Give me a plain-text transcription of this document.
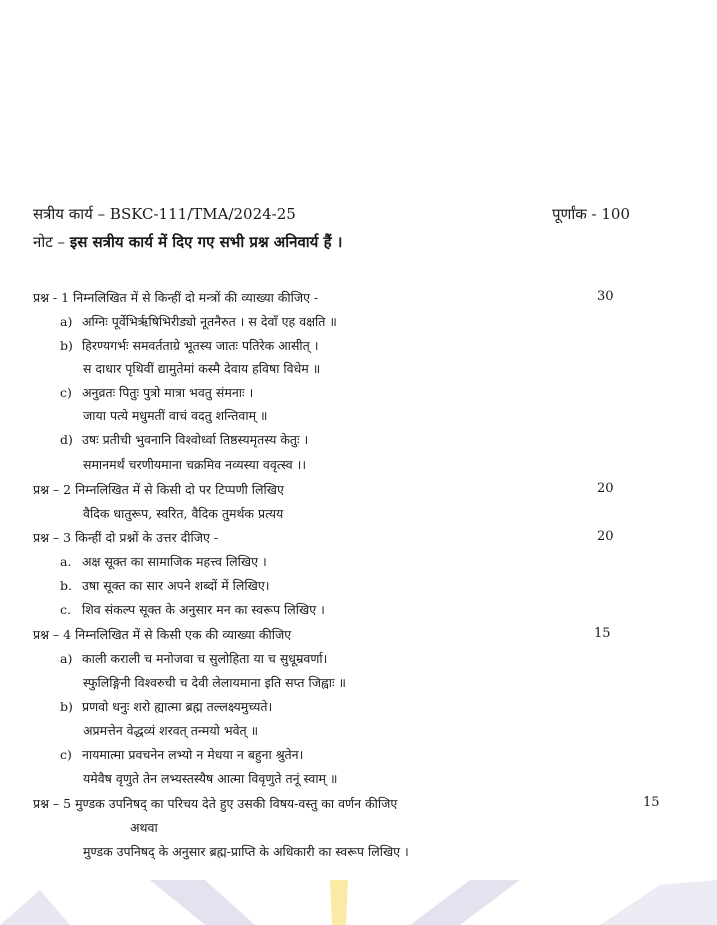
सत्रीय कार्य – BSKC-111/TMA/2024-25	पूर्णांक - 100
नोट – इस सत्रीय कार्य में दिए गए सभी प्रश्न अनिवार्य हैं ।
प्रश्न - 1 निम्नलिखित में से किन्हीं दो मन्त्रों की व्याख्या कीजिए -	30
a) अग्निः पूर्वेभिर्ऋषिभिरीड्यो नूतनैरुत । स देवाँ एह वक्षति ॥
b) हिरण्यगर्भः समवर्तताग्रे भूतस्य जातः पतिरेक आसीत् ।
स दाधार पृथिवीं द्यामुतेमां कस्मै देवाय हविषा विधेम ॥
c) अनुव्रतः पितुः पुत्रो मात्रा भवतु संमनाः ।
जाया पत्ये मधुमतीं वाचं वदतु शन्तिवाम् ॥
d) उषः प्रतीची भुवनानि विश्वोर्ध्वा तिष्ठस्यमृतस्य केतुः ।
समानमर्थं चरणीयमाना चक्रमिव नव्यस्या ववृत्स्व ।।
प्रश्न – 2 निम्नलिखित में से किसी दो पर टिप्पणी लिखिए	20
वैदिक धातुरूप, स्वरित, वैदिक तुमर्थक प्रत्यय
प्रश्न – 3 किन्हीं दो प्रश्नों के उत्तर दीजिए -	20
a. अक्ष सूक्त का सामाजिक महत्त्व लिखिए ।
b. उषा सूक्त का सार अपने शब्दों में लिखिए।
c. शिव संकल्प सूक्त के अनुसार मन का स्वरूप लिखिए ।
प्रश्न – 4 निम्नलिखित में से किसी एक की व्याख्या कीजिए	15
a) काली कराली च मनोजवा च सुलोहिता या च सुधूम्रवर्णा।
स्फुलिङ्गिनी विश्वरुची च देवी लेलायमाना इति सप्त जिह्वाः ॥
b) प्रणवो धनुः शरो ह्यात्मा ब्रह्म तल्लक्ष्यमुच्यते।
अप्रमत्तेन वेद्धव्यं शरवत् तन्मयो भवेत् ॥
c) नायमात्मा प्रवचनेन लभ्यो न मेधया न बहुना श्रुतेन।
यमेवैष वृणुते तेन लभ्यस्तस्यैष आत्मा विवृणुते तनूं स्वाम् ॥
प्रश्न – 5 मुण्डक उपनिषद् का परिचय देते हुए उसकी विषय-वस्तु का वर्णन कीजिए	15
अथवा
मुण्डक उपनिषद् के अनुसार ब्रह्म-प्राप्ति के अधिकारी का स्वरूप लिखिए ।
